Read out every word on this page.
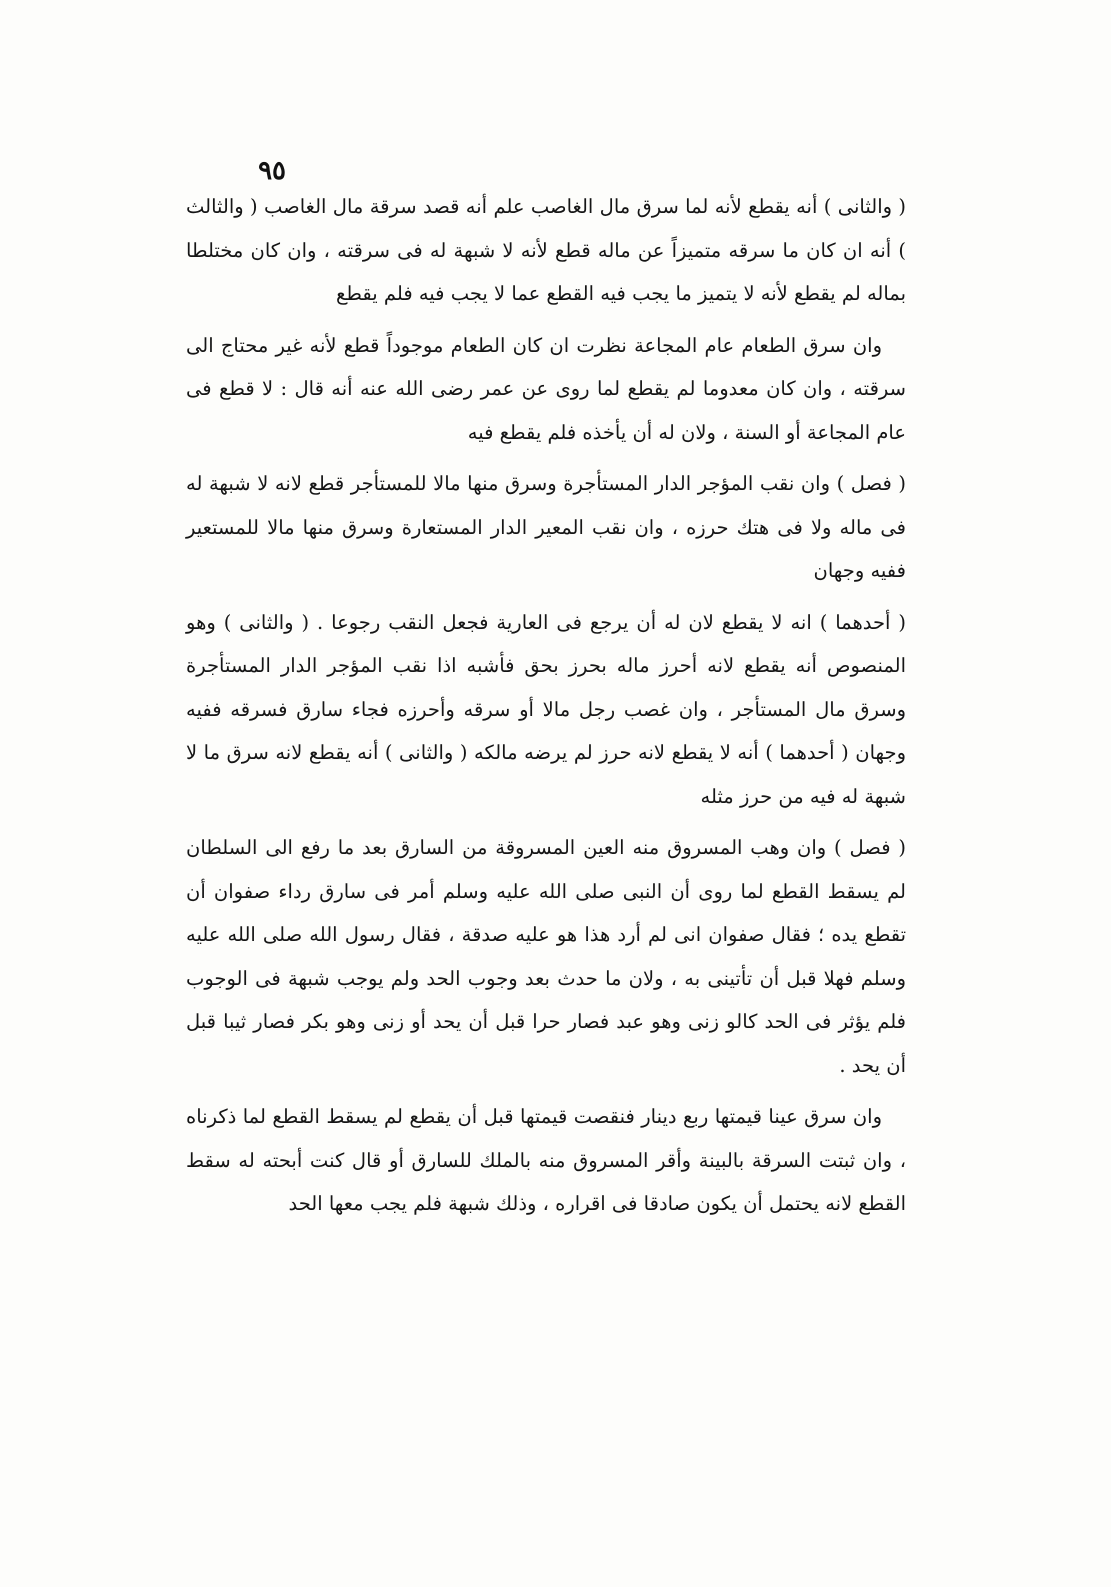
٩٥

( والثانى ) أنه يقطع لأنه لما سرق مال الغاصب علم أنه قصد سرقة مال الغاصب ( والثالث ) أنه ان كان ما سرقه متميزاً عن ماله قطع لأنه لا شبهة له فى سرقته ، وان كان مختلطا بماله لم يقطع لأنه لا يتميز ما يجب فيه القطع عما لا يجب فيه فلم يقطع

وان سرق الطعام عام المجاعة نظرت ان كان الطعام موجوداً قطع لأنه غير محتاج الى سرقته ، وان كان معدوما لم يقطع لما روى عن عمر رضى الله عنه أنه قال : لا قطع فى عام المجاعة أو السنة ، ولان له أن يأخذه فلم يقطع فيه

( فصل ) وان نقب المؤجر الدار المستأجرة وسرق منها مالا للمستأجر قطع لانه لا شبهة له فى ماله ولا فى هتك حرزه ، وان نقب المعير الدار المستعارة وسرق منها مالا للمستعير ففيه وجهان

( أحدهما ) انه لا يقطع لان له أن يرجع فى العارية فجعل النقب رجوعا . ( والثانى ) وهو المنصوص أنه يقطع لانه أحرز ماله بحرز بحق فأشبه اذا نقب المؤجر الدار المستأجرة وسرق مال المستأجر ، وان غصب رجل مالا أو سرقه وأحرزه فجاء سارق فسرقه ففيه وجهان ( أحدهما ) أنه لا يقطع لانه حرز لم يرضه مالكه ( والثانى ) أنه يقطع لانه سرق ما لا شبهة له فيه من حرز مثله

( فصل ) وان وهب المسروق منه العين المسروقة من السارق بعد ما رفع الى السلطان لم يسقط القطع لما روى أن النبى صلى الله عليه وسلم أمر فى سارق رداء صفوان أن تقطع يده ؛ فقال صفوان انى لم أرد هذا هو عليه صدقة ، فقال رسول الله صلى الله عليه وسلم فهلا قبل أن تأتينى به ، ولان ما حدث بعد وجوب الحد ولم يوجب شبهة فى الوجوب فلم يؤثر فى الحد كالو زنى وهو عبد فصار حرا قبل أن يحد أو زنى وهو بكر فصار ثيبا قبل أن يحد .

وان سرق عينا قيمتها ربع دينار فنقصت قيمتها قبل أن يقطع لم يسقط القطع لما ذكرناه ، وان ثبتت السرقة بالبينة وأقر المسروق منه بالملك للسارق أو قال كنت أبحته له سقط القطع لانه يحتمل أن يكون صادقا فى اقراره ، وذلك شبهة فلم يجب معها الحد
